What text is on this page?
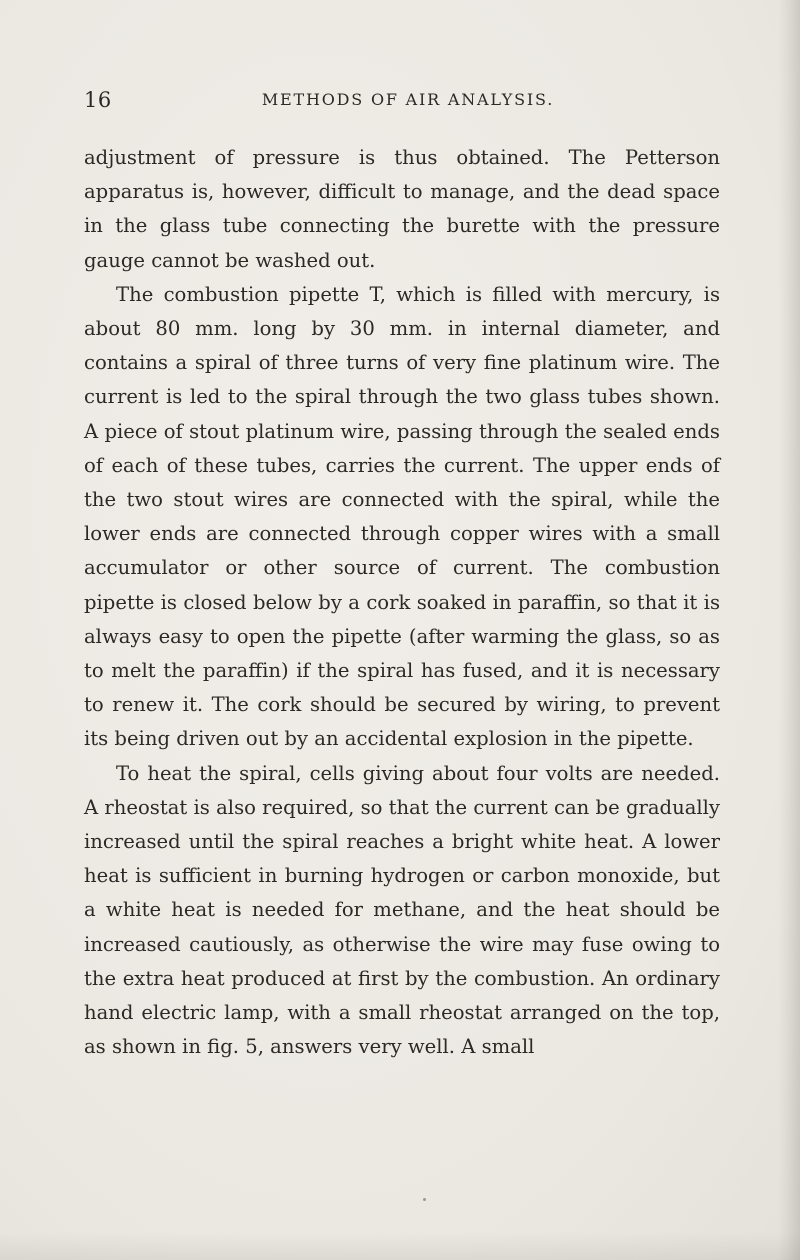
16	METHODS OF AIR ANALYSIS.

adjustment of pressure is thus obtained. The Petterson apparatus is, however, difficult to manage, and the dead space in the glass tube connecting the burette with the pressure gauge cannot be washed out.

The combustion pipette T, which is filled with mercury, is about 80 mm. long by 30 mm. in internal diameter, and contains a spiral of three turns of very fine platinum wire. The current is led to the spiral through the two glass tubes shown. A piece of stout platinum wire, passing through the sealed ends of each of these tubes, carries the current. The upper ends of the two stout wires are connected with the spiral, while the lower ends are connected through copper wires with a small accumulator or other source of current. The combustion pipette is closed below by a cork soaked in paraffin, so that it is always easy to open the pipette (after warming the glass, so as to melt the paraffin) if the spiral has fused, and it is necessary to renew it. The cork should be secured by wiring, to prevent its being driven out by an accidental explosion in the pipette.

To heat the spiral, cells giving about four volts are needed. A rheostat is also required, so that the current can be gradually increased until the spiral reaches a bright white heat. A lower heat is sufficient in burning hydrogen or carbon monoxide, but a white heat is needed for methane, and the heat should be increased cautiously, as otherwise the wire may fuse owing to the extra heat produced at first by the combustion. An ordinary hand electric lamp, with a small rheostat arranged on the top, as shown in fig. 5, answers very well. A small
